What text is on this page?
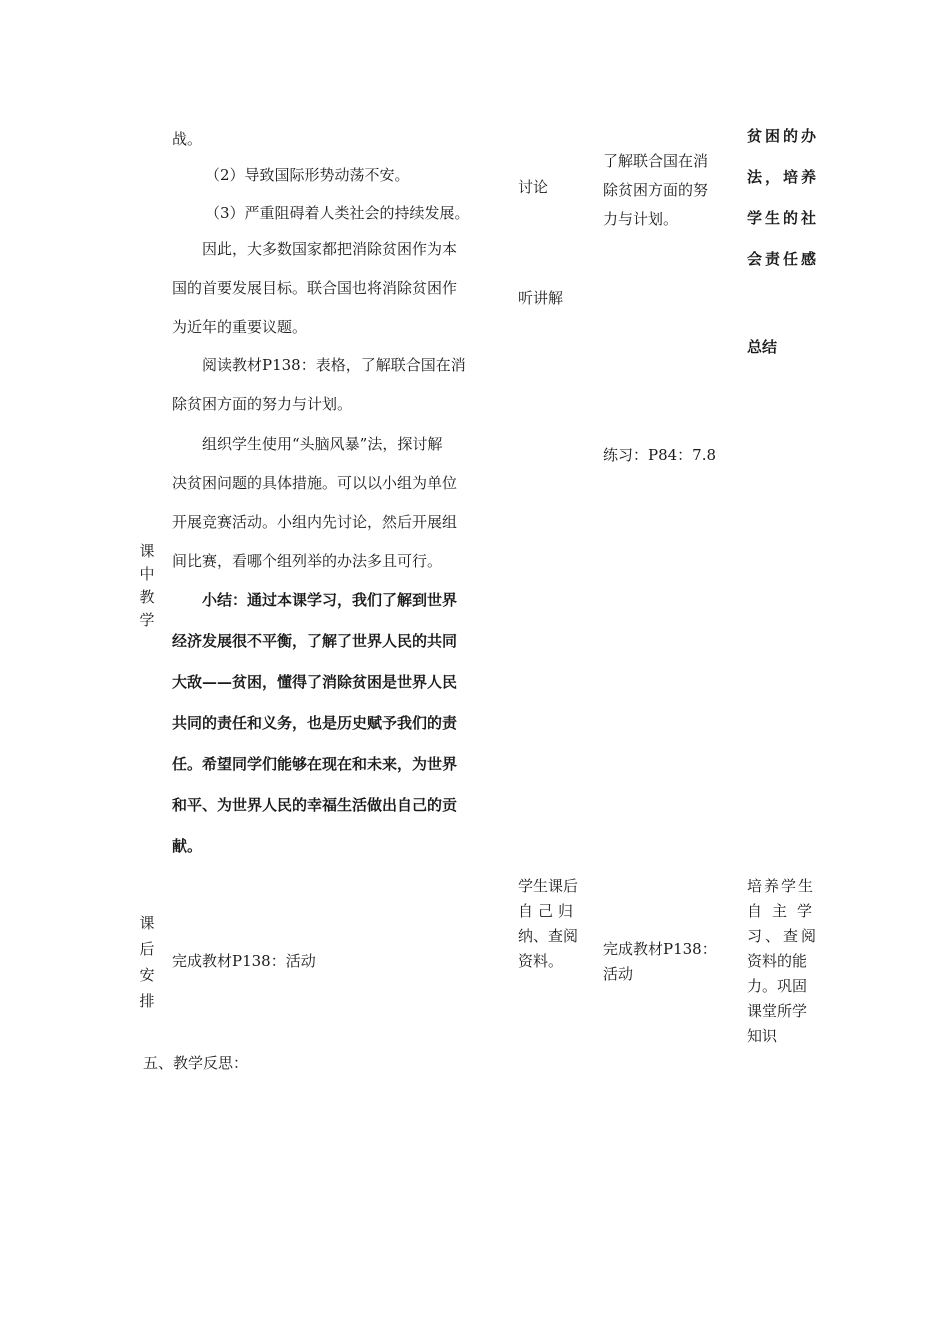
战。
（2）导致国际形势动荡不安。
（3）严重阻碍着人类社会的持续发展。

因此，大多数国家都把消除贫困作为本

国的首要发展目标。联合国也将消除贫困作

为近年的重要议题。

阅读教材P138：表格，了解联合国在消

除贫困方面的努力与计划。

组织学生使用“头脑风暴”法，探讨解

决贫困问题的具体措施。可以以小组为单位

开展竞赛活动。小组内先讨论，然后开展组

间比赛，看哪个组列举的办法多且可行。

小结：通过本课学习，我们了解到世界
经济发展很不平衡，了解了世界人民的共同
大敌——贫困，懂得了消除贫困是世界人民
共同的责任和义务，也是历史赋予我们的责
任。希望同学们能够在现在和未来，为世界
和平、为世界人民的幸福生活做出自己的贡
献。
课
中
教
学
讨论
听讲解
了解联合国在消
除贫困方面的努
力与计划。
练习：P84：7.8
贫困的办
法，培养
学生的社
会责任感
总结
课
后
安
排
完成教材P138：活动
学生课后
自己归
纳、查阅
资料。
完成教材P138：
活动
培养学生
自主学
习、查阅
资料的能
力。巩固
课堂所学
知识
五、教学反思：
